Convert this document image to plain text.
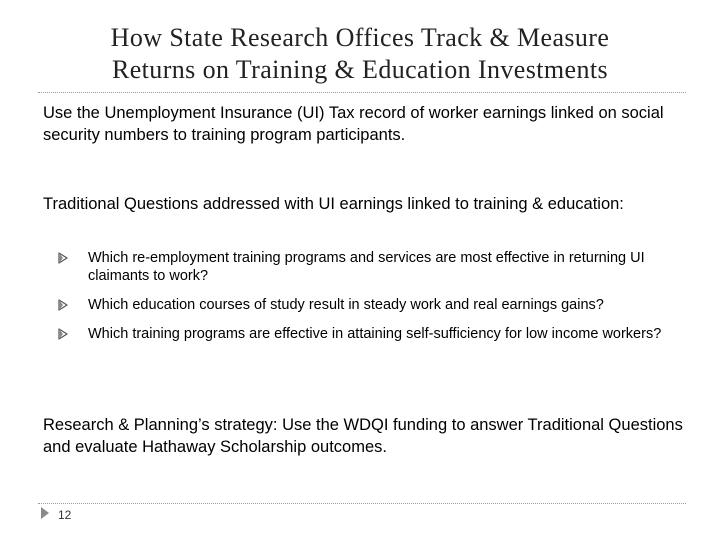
How State Research Offices Track & Measure
Returns on Training & Education Investments

Use the Unemployment Insurance (UI) Tax record of worker earnings linked on social security numbers to training program participants.

Traditional Questions addressed with UI earnings linked to training & education:

Which re-employment training programs and services are most effective in returning UI claimants to work?
Which education courses of study result in steady work and real earnings gains?
Which training programs are effective in attaining self-sufficiency for low income workers?

Research & Planning’s strategy: Use the WDQI funding to answer Traditional Questions and evaluate Hathaway Scholarship outcomes.

12
